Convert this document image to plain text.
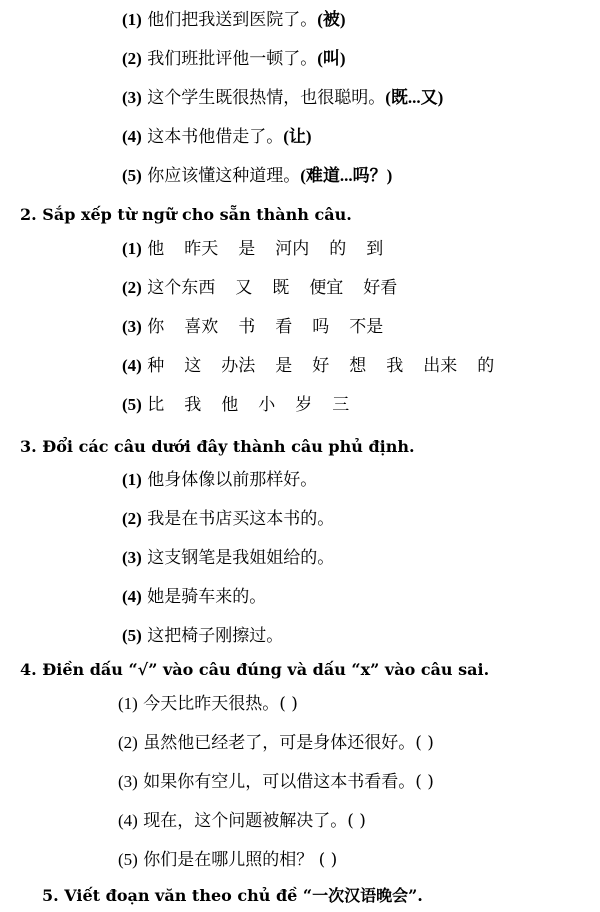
(1) 他们把我送到医院了。(被)
(2) 我们班批评他一顿了。(叫)
(3) 这个学生既很热情，也很聪明。(既...又)
(4) 这本书他借走了。(让)
(5) 你应该懂这种道理。(难道...吗？)
2. Sắp xếp từ ngữ cho sẵn thành câu.
(1) 他 昨天 是 河内 的 到
(2) 这个东西 又 既 便宜 好看
(3) 你 喜欢 书 看 吗 不是
(4) 种 这 办法 是 好 想 我 出来 的
(5) 比 我 他 小 岁 三
3. Đổi các câu dưới đây thành câu phủ định.
(1) 他身体像以前那样好。
(2) 我是在书店买这本书的。
(3) 这支钢笔是我姐姐给的。
(4) 她是骑车来的。
(5) 这把椅子刚擦过。
4. Điền dấu “√” vào câu đúng và dấu “x” vào câu sai.
(1) 今天比昨天很热。( )
(2) 虽然他已经老了，可是身体还很好。( )
(3) 如果你有空儿，可以借这本书看看。( )
(4) 现在，这个问题被解决了。( )
(5) 你们是在哪儿照的相？ ( )
5. Viết đoạn văn theo chủ đề “一次汉语晚会”.
